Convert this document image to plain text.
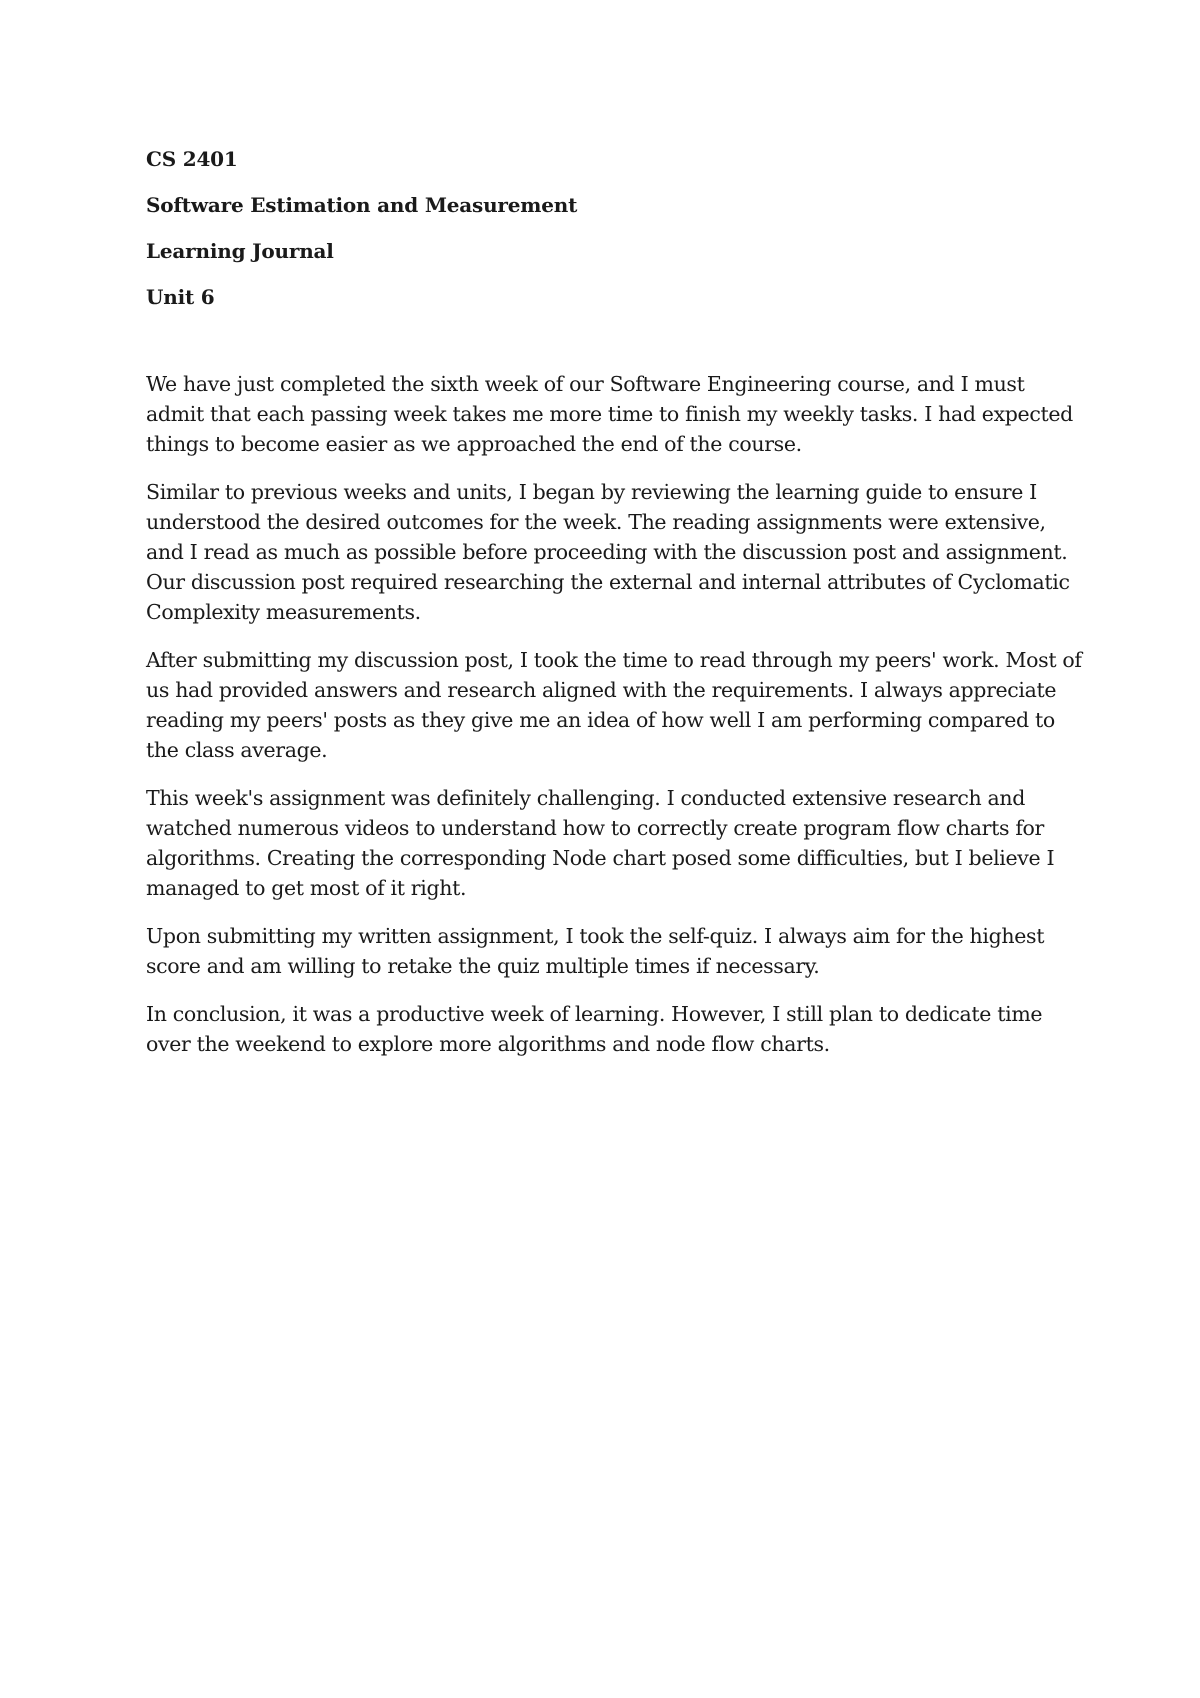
CS 2401
Software Estimation and Measurement
Learning Journal
Unit 6

We have just completed the sixth week of our Software Engineering course, and I must admit that each passing week takes me more time to finish my weekly tasks. I had expected things to become easier as we approached the end of the course.

Similar to previous weeks and units, I began by reviewing the learning guide to ensure I understood the desired outcomes for the week. The reading assignments were extensive, and I read as much as possible before proceeding with the discussion post and assignment. Our discussion post required researching the external and internal attributes of Cyclomatic Complexity measurements.

After submitting my discussion post, I took the time to read through my peers' work. Most of us had provided answers and research aligned with the requirements. I always appreciate reading my peers' posts as they give me an idea of how well I am performing compared to the class average.

This week's assignment was definitely challenging. I conducted extensive research and watched numerous videos to understand how to correctly create program flow charts for algorithms. Creating the corresponding Node chart posed some difficulties, but I believe I managed to get most of it right.

Upon submitting my written assignment, I took the self-quiz. I always aim for the highest score and am willing to retake the quiz multiple times if necessary.

In conclusion, it was a productive week of learning. However, I still plan to dedicate time over the weekend to explore more algorithms and node flow charts.
